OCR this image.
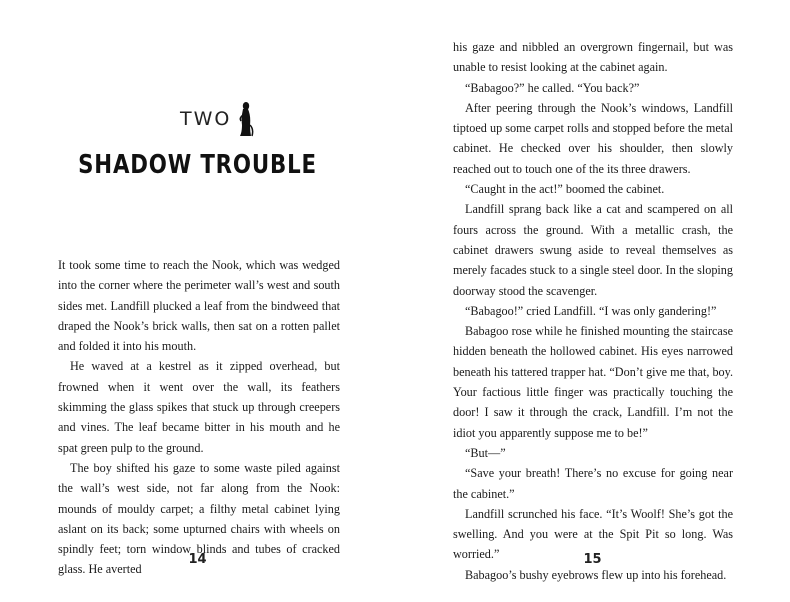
TWO
SHADOW TROUBLE

It took some time to reach the Nook, which was wedged into the corner where the perimeter wall’s west and south sides met. Landfill plucked a leaf from the bindweed that draped the Nook’s brick walls, then sat on a rotten pallet and folded it into his mouth.

He waved at a kestrel as it zipped overhead, but frowned when it went over the wall, its feathers skimming the glass spikes that stuck up through creepers and vines. The leaf became bitter in his mouth and he spat green pulp to the ground.

The boy shifted his gaze to some waste piled against the wall’s west side, not far along from the Nook: mounds of mouldy carpet; a filthy metal cabinet lying aslant on its back; some upturned chairs with wheels on spindly feet; torn window blinds and tubes of cracked glass. He averted

14

his gaze and nibbled an overgrown fingernail, but was unable to resist looking at the cabinet again.

“Babagoo?” he called. “You back?”

After peering through the Nook’s windows, Landfill tiptoed up some carpet rolls and stopped before the metal cabinet. He checked over his shoulder, then slowly reached out to touch one of the its three drawers.

“Caught in the act!” boomed the cabinet.

Landfill sprang back like a cat and scampered on all fours across the ground. With a metallic crash, the cabinet drawers swung aside to reveal themselves as merely facades stuck to a single steel door. In the sloping doorway stood the scavenger.

“Babagoo!” cried Landfill. “I was only gandering!”

Babagoo rose while he finished mounting the staircase hidden beneath the hollowed cabinet. His eyes narrowed beneath his tattered trapper hat. “Don’t give me that, boy. Your factious little finger was practically touching the door! I saw it through the crack, Landfill. I’m not the idiot you apparently suppose me to be!”

“But—”

“Save your breath! There’s no excuse for going near the cabinet.”

Landfill scrunched his face. “It’s Woolf! She’s got the swelling. And you were at the Spit Pit so long. Was worried.”

Babagoo’s bushy eyebrows flew up into his forehead.

15
